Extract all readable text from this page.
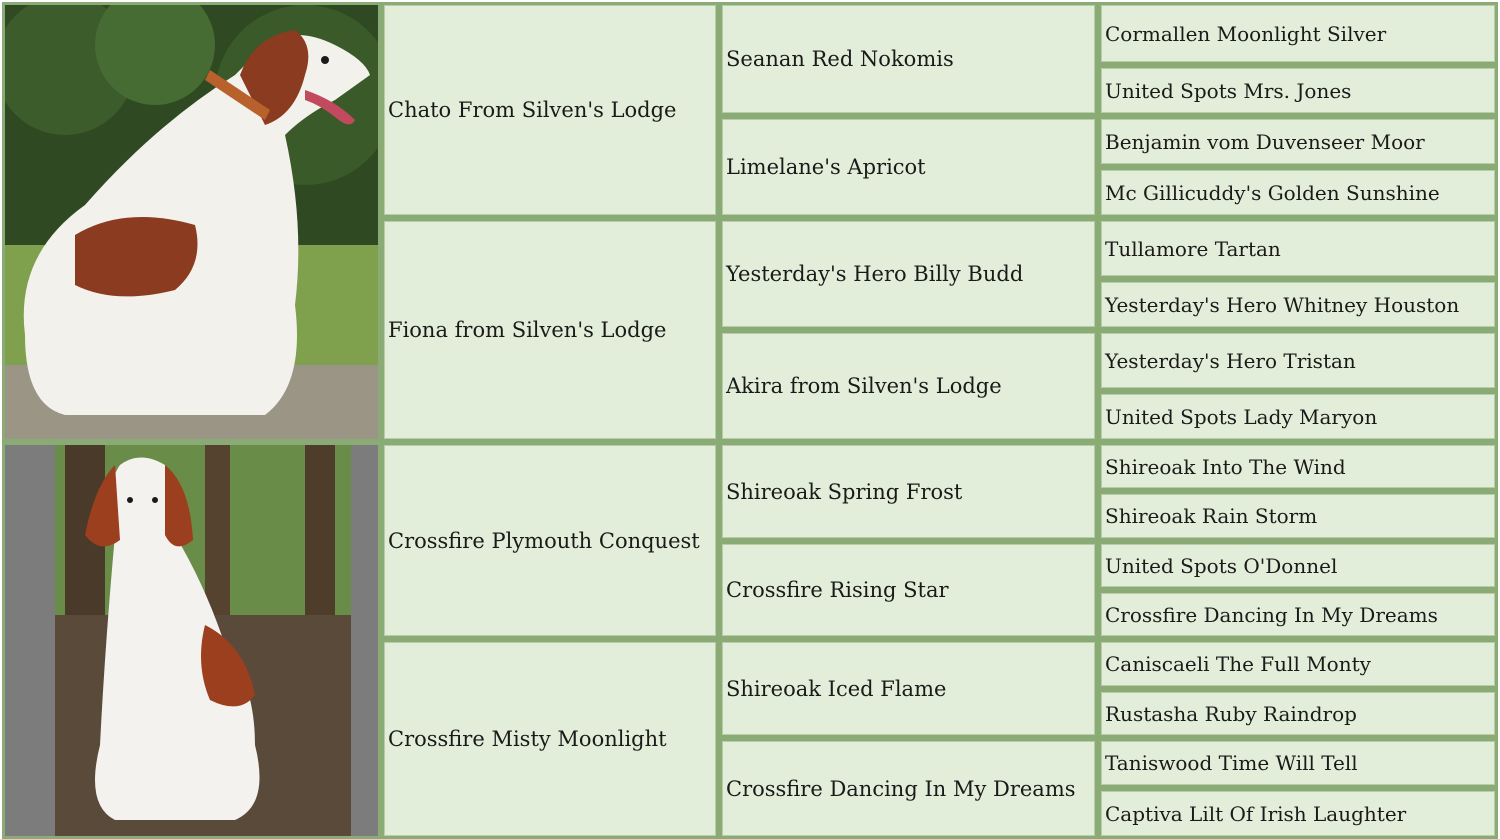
Chato From Silven's Lodge
Fiona from Silven's Lodge
Crossfire Plymouth Conquest
Crossfire Misty Moonlight
Seanan Red Nokomis
Limelane's Apricot
Yesterday's Hero Billy Budd
Akira from Silven's Lodge
Shireoak Spring Frost
Crossfire Rising Star
Shireoak Iced Flame
Crossfire Dancing In My Dreams
Cormallen Moonlight Silver
United Spots Mrs. Jones
Benjamin vom Duvenseer Moor
Mc Gillicuddy's Golden Sunshine
Tullamore Tartan
Yesterday's Hero Whitney Houston
Yesterday's Hero Tristan
United Spots Lady Maryon
Shireoak Into The Wind
Shireoak Rain Storm
United Spots O'Donnel
Crossfire Dancing In My Dreams
Caniscaeli The Full Monty
Rustasha Ruby Raindrop
Taniswood Time Will Tell
Captiva Lilt Of Irish Laughter
